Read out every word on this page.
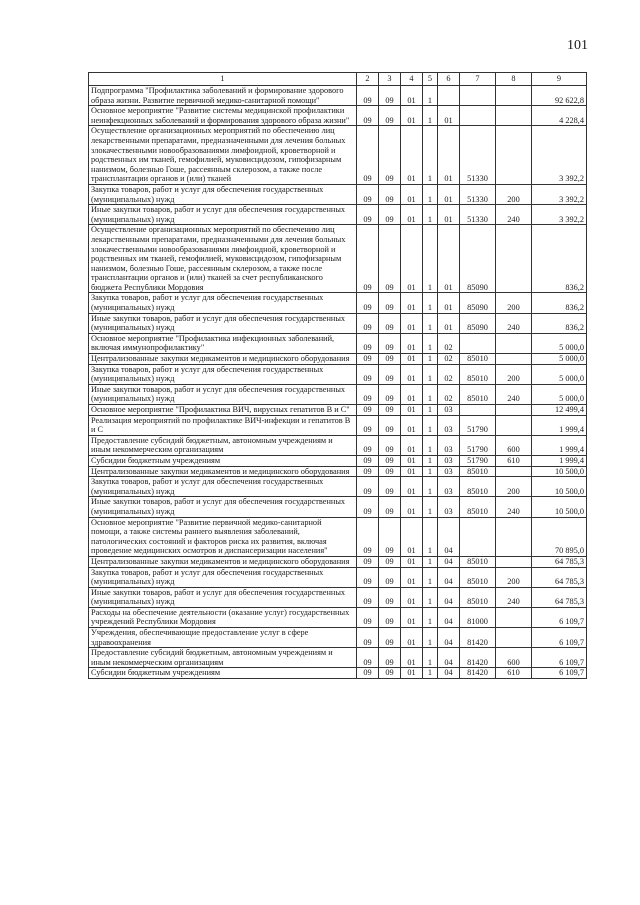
101
1	2	3	4	5	6	7	8	9
Подпрограмма "Профилактика заболеваний и формирование здорового образа жизни. Развитие первичной медико-санитарной помощи"	09	09	01	1				92 622,8
Основное мероприятие "Развитие системы медицинской профилактики неинфекционных заболеваний и формирования здорового образа жизни"	09	09	01	1	01			4 228,4
Осуществление организационных мероприятий по обеспечению лиц лекарственными препаратами, предназначенными для лечения больных злокачественными новообразованиями лимфоидной, кроветворной и родственных им тканей, гемофилией, муковисцидозом, гипофизарным нанизмом, болезнью Гоше, рассеянным склерозом, а также после трансплантации органов и (или) тканей	09	09	01	1	01	51330		3 392,2
Закупка товаров, работ и услуг для обеспечения государственных (муниципальных) нужд	09	09	01	1	01	51330	200	3 392,2
Иные закупки товаров, работ и услуг для обеспечения государственных (муниципальных) нужд	09	09	01	1	01	51330	240	3 392,2
Осуществление организационных мероприятий по обеспечению лиц лекарственными препаратами, предназначенными для лечения больных злокачественными новообразованиями лимфоидной, кроветворной и родственных им тканей, гемофилией, муковисцидозом, гипофизарным нанизмом, болезнью Гоше, рассеянным склерозом, а также после трансплантации органов и (или) тканей за счет республиканского бюджета Республики Мордовия	09	09	01	1	01	85090		836,2
Закупка товаров, работ и услуг для обеспечения государственных (муниципальных) нужд	09	09	01	1	01	85090	200	836,2
Иные закупки товаров, работ и услуг для обеспечения государственных (муниципальных) нужд	09	09	01	1	01	85090	240	836,2
Основное мероприятие "Профилактика инфекционных заболеваний, включая иммунопрофилактику"	09	09	01	1	02			5 000,0
Централизованные закупки медикаментов и медицинского оборудования	09	09	01	1	02	85010		5 000,0
Закупка товаров, работ и услуг для обеспечения государственных (муниципальных) нужд	09	09	01	1	02	85010	200	5 000,0
Иные закупки товаров, работ и услуг для обеспечения государственных (муниципальных) нужд	09	09	01	1	02	85010	240	5 000,0
Основное мероприятие "Профилактика ВИЧ, вирусных гепатитов В и С"	09	09	01	1	03			12 499,4
Реализация мероприятий по профилактике ВИЧ-инфекции и гепатитов В и С	09	09	01	1	03	51790		1 999,4
Предоставление субсидий бюджетным, автономным учреждениям и иным некоммерческим организациям	09	09	01	1	03	51790	600	1 999,4
Субсидии бюджетным учреждениям	09	09	01	1	03	51790	610	1 999,4
Централизованные закупки медикаментов и медицинского оборудования	09	09	01	1	03	85010		10 500,0
Закупка товаров, работ и услуг для обеспечения государственных (муниципальных) нужд	09	09	01	1	03	85010	200	10 500,0
Иные закупки товаров, работ и услуг для обеспечения государственных (муниципальных) нужд	09	09	01	1	03	85010	240	10 500,0
Основное мероприятие "Развитие первичной медико-санитарной помощи, а также системы раннего выявления заболеваний, патологических состояний и факторов риска их развития, включая проведение медицинских осмотров и диспансеризации населения"	09	09	01	1	04			70 895,0
Централизованные закупки медикаментов и медицинского оборудования	09	09	01	1	04	85010		64 785,3
Закупка товаров, работ и услуг для обеспечения государственных (муниципальных) нужд	09	09	01	1	04	85010	200	64 785,3
Иные закупки товаров, работ и услуг для обеспечения государственных (муниципальных) нужд	09	09	01	1	04	85010	240	64 785,3
Расходы на обеспечение деятельности (оказание услуг) государственных учреждений Республики Мордовия	09	09	01	1	04	81000		6 109,7
Учреждения, обеспечивающие предоставление услуг в сфере здравоохранения	09	09	01	1	04	81420		6 109,7
Предоставление субсидий бюджетным, автономным учреждениям и иным некоммерческим организациям	09	09	01	1	04	81420	600	6 109,7
Субсидии бюджетным учреждениям	09	09	01	1	04	81420	610	6 109,7
